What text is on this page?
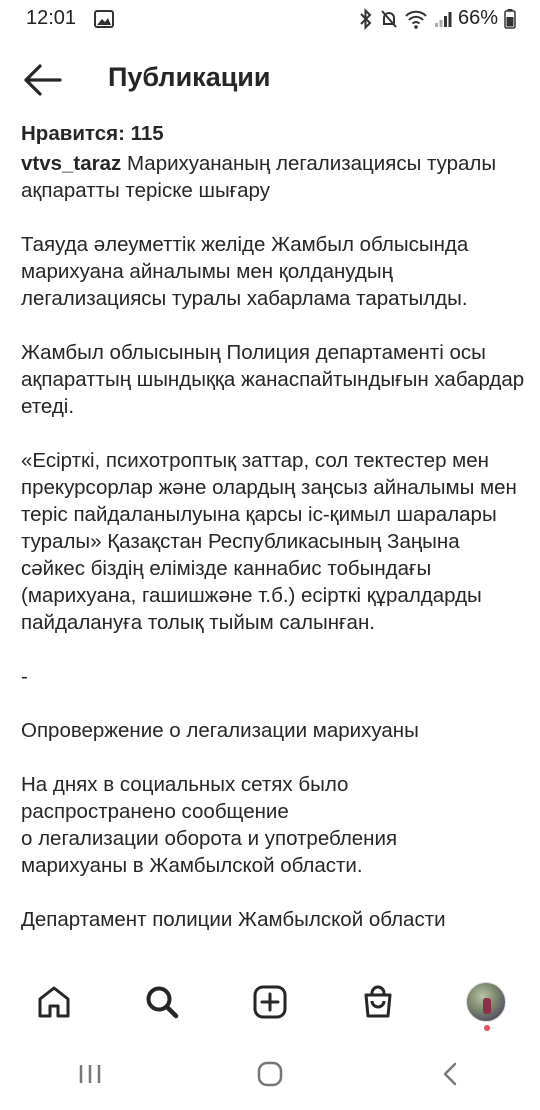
12:01	66%
Публикации

Нравится: 115

vtvs_taraz Марихуананың легализациясы туралы ақпаратты теріске шығару

Таяуда әлеуметтік желіде Жамбыл облысында марихуана айналымы мен қолданудың легализациясы туралы хабарлама таратылды.

Жамбыл облысының Полиция департаменті осы ақпараттың шындыққа жанаспайтындығын хабардар етеді.

«Есірткі, психотроптық заттар, сол тектестер мен прекурсорлар және олардың заңсыз айналымы мен теріс пайдаланылуына қарсы іс-қимыл шаралары туралы» Қазақстан Республикасының Заңына сәйкес біздің елімізде каннабис тобындағы (марихуана, гашишжәне т.б.) есірткі құралдарды пайдалануға толық тыйым салынған.

-

Опровержение о легализации марихуаны

На днях в социальных сетях было
распространено сообщение
о легализации оборота и употребления
марихуаны в Жамбылской области.

Департамент полиции Жамбылской области
